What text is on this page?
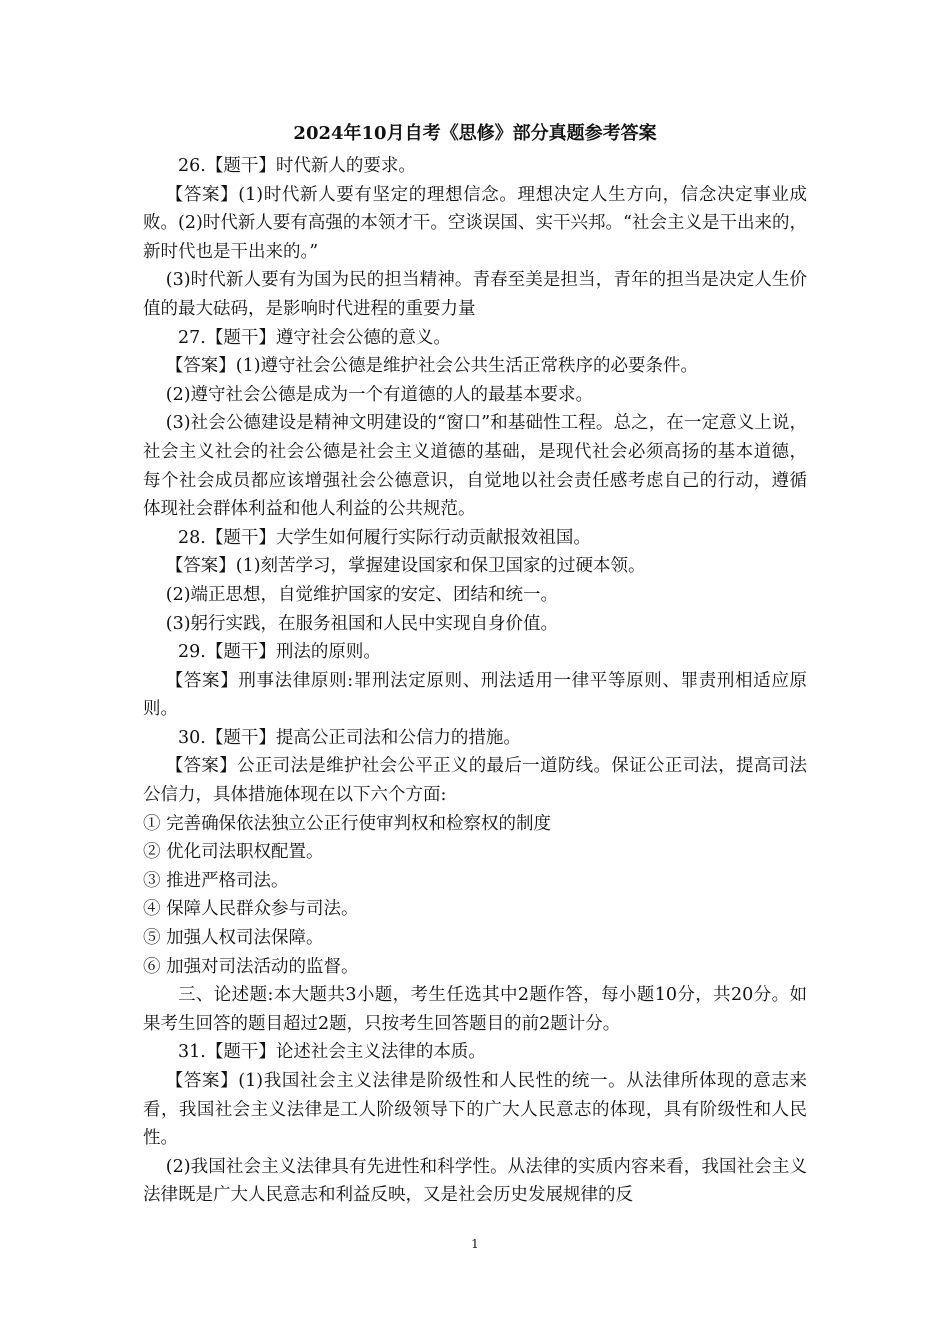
2024年10月自考《思修》部分真题参考答案

26.【题干】时代新人的要求。

【答案】(1)时代新人要有坚定的理想信念。理想决定人生方向，信念决定事业成败。(2)时代新人要有高强的本领才干。空谈误国、实干兴邦。“社会主义是干出来的，新时代也是干出来的。”

(3)时代新人要有为国为民的担当精神。青春至美是担当，青年的担当是决定人生价值的最大砝码，是影响时代进程的重要力量

27.【题干】遵守社会公德的意义。

【答案】(1)遵守社会公德是维护社会公共生活正常秩序的必要条件。

(2)遵守社会公德是成为一个有道德的人的最基本要求。

(3)社会公德建设是精神文明建设的“窗口”和基础性工程。总之，在一定意义上说，社会主义社会的社会公德是社会主义道德的基础，是现代社会必须高扬的基本道德，每个社会成员都应该增强社会公德意识，自觉地以社会责任感考虑自己的行动，遵循体现社会群体利益和他人利益的公共规范。

28.【题干】大学生如何履行实际行动贡献报效祖国。

【答案】(1)刻苦学习，掌握建设国家和保卫国家的过硬本领。

(2)端正思想，自觉维护国家的安定、团结和统一。

(3)躬行实践，在服务祖国和人民中实现自身价值。

29.【题干】刑法的原则。

【答案】刑事法律原则:罪刑法定原则、刑法适用一律平等原则、罪责刑相适应原则。

30.【题干】提高公正司法和公信力的措施。

【答案】公正司法是维护社会公平正义的最后一道防线。保证公正司法，提高司法公信力，具体措施体现在以下六个方面:

① 完善确保依法独立公正行使审判权和检察权的制度

② 优化司法职权配置。

③ 推进严格司法。

④ 保障人民群众参与司法。

⑤ 加强人权司法保障。

⑥ 加强对司法活动的监督。

三、论述题:本大题共3小题，考生任选其中2题作答，每小题10分，共20分。如果考生回答的题目超过2题，只按考生回答题目的前2题计分。

31.【题干】论述社会主义法律的本质。

【答案】(1)我国社会主义法律是阶级性和人民性的统一。从法律所体现的意志来看，我国社会主义法律是工人阶级领导下的广大人民意志的体现，具有阶级性和人民性。

(2)我国社会主义法律具有先进性和科学性。从法律的实质内容来看，我国社会主义法律既是广大人民意志和利益反映，又是社会历史发展规律的反

1
